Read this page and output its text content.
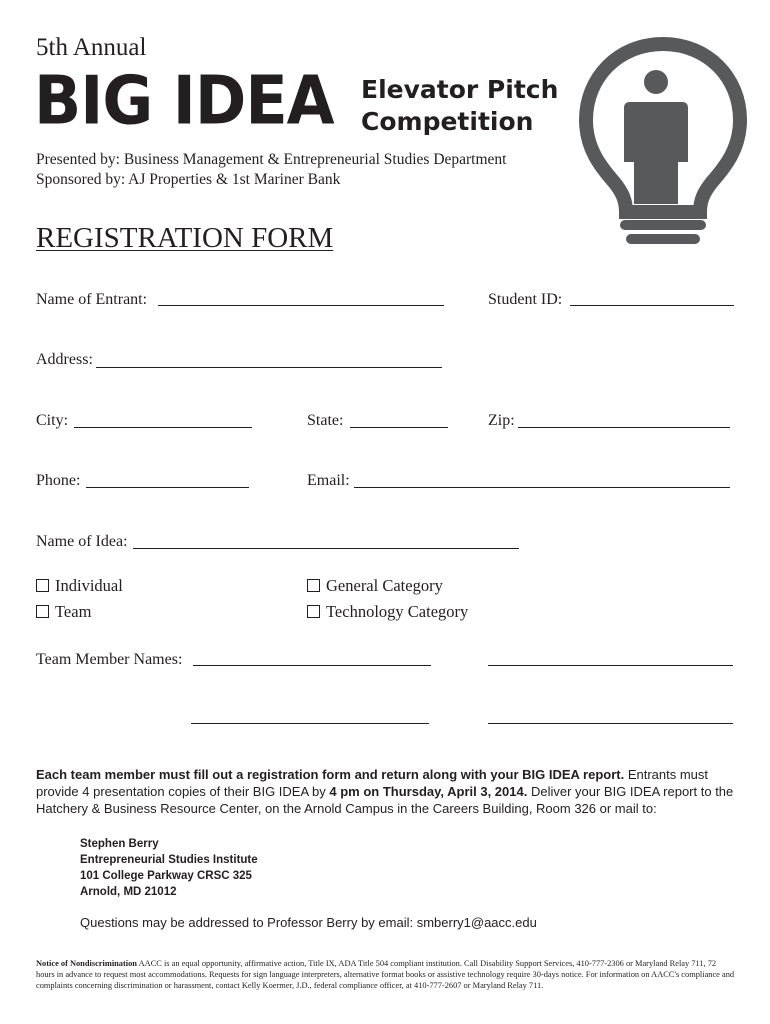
5th Annual
BIG IDEA Elevator Pitch
Competition
Presented by: Business Management & Entrepreneurial Studies Department
Sponsored by: AJ Properties & 1st Mariner Bank
REGISTRATION FORM
Name of Entrant:	Student ID:
Address:
City:	State:	Zip:
Phone:	Email:
Name of Idea:
Individual
Team
General Category
Technology Category
Team Member Names:
Each team member must fill out a registration form and return along with your BIG IDEA report. Entrants must provide 4 presentation copies of their BIG IDEA by 4 pm on Thursday, April 3, 2014. Deliver your BIG IDEA report to the Hatchery & Business Resource Center, on the Arnold Campus in the Careers Building, Room 326 or mail to:
Stephen Berry
Entrepreneurial Studies Institute
101 College Parkway CRSC 325
Arnold, MD 21012
Questions may be addressed to Professor Berry by email: smberry1@aacc.edu
Notice of Nondiscrimination AACC is an equal opportunity, affirmative action, Title IX, ADA Title 504 compliant institution. Call Disability Support Services, 410-777-2306 or Maryland Relay 711, 72 hours in advance to request most accommodations. Requests for sign language interpreters, alternative format books or assistive technology require 30-days notice. For information on AACC's compliance and complaints concerning discrimination or harassment, contact Kelly Koermer, J.D., federal compliance officer, at 410-777-2607 or Maryland Relay 711.
